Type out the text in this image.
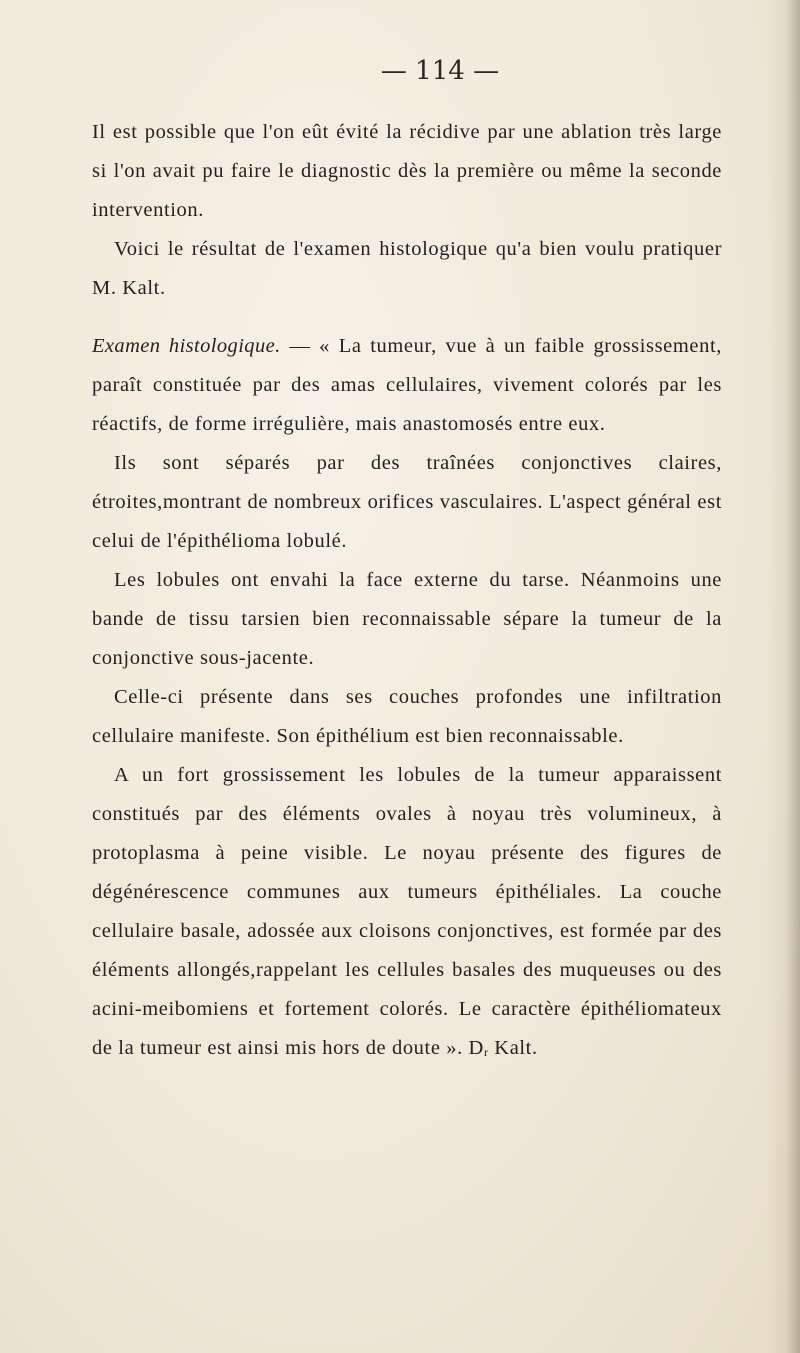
— 114 —

Il est possible que l'on eût évité la récidive par une ablation très large si l'on avait pu faire le diagnostic dès la première ou même la seconde intervention.

Voici le résultat de l'examen histologique qu'a bien voulu pratiquer M. Kalt.

Examen histologique. — « La tumeur, vue à un faible grossissement, paraît constituée par des amas cellulaires, vivement colorés par les réactifs, de forme irrégulière, mais anastomosés entre eux.

Ils sont séparés par des traînées conjonctives claires, étroites,montrant de nombreux orifices vasculaires. L'aspect général est celui de l'épithélioma lobulé.

Les lobules ont envahi la face externe du tarse. Néanmoins une bande de tissu tarsien bien reconnaissable sépare la tumeur de la conjonctive sous-jacente.

Celle-ci présente dans ses couches profondes une infiltration cellulaire manifeste. Son épithélium est bien reconnaissable.

A un fort grossissement les lobules de la tumeur apparaissent constitués par des éléments ovales à noyau très volumineux, à protoplasma à peine visible. Le noyau présente des figures de dégénérescence communes aux tumeurs épithéliales. La couche cellulaire basale, adossée aux cloisons conjonctives, est formée par des éléments allongés,rappelant les cellules basales des muqueuses ou des acini-meibomiens et fortement colorés. Le caractère épithéliomateux de la tumeur est ainsi mis hors de doute ». $D_r$ Kalt.
